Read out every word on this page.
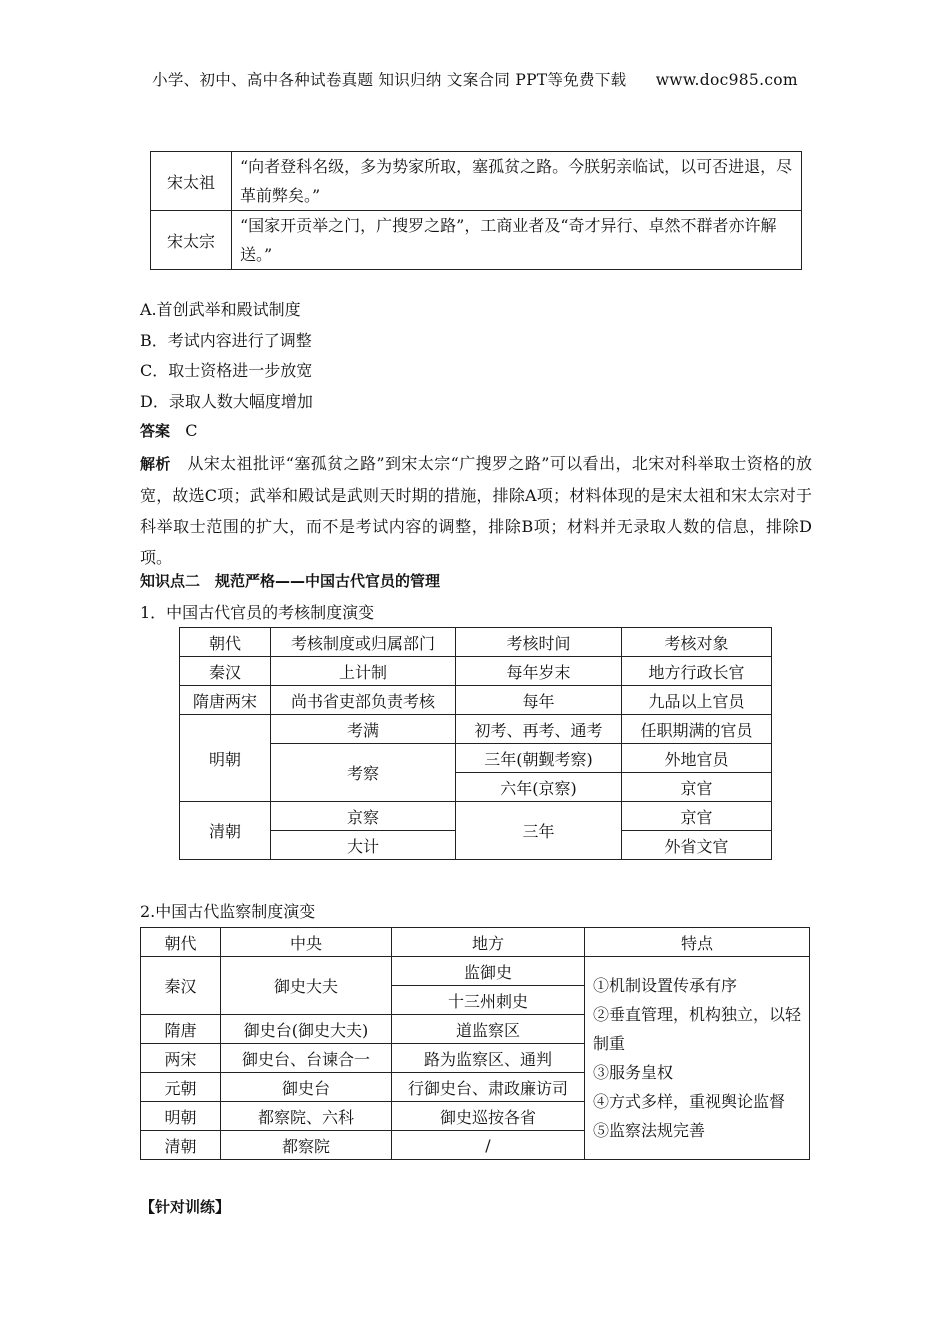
小学、初中、高中各种试卷真题 知识归纳 文案合同 PPT等免费下载 www.doc985.com
宋太祖	“向者登科名级，多为势家所取，塞孤贫之路。今朕躬亲临试，以可否进退，尽革前弊矣。”
宋太宗	“国家开贡举之门，广搜罗之路”，工商业者及“奇才异行、卓然不群者亦许解送。”
A.首创武举和殿试制度
B．考试内容进行了调整
C．取士资格进一步放宽
D．录取人数大幅度增加
答案 C
解析 从宋太祖批评“塞孤贫之路”到宋太宗“广搜罗之路”可以看出，北宋对科举取士资格的放宽，故选C项；武举和殿试是武则天时期的措施，排除A项；材料体现的是宋太祖和宋太宗对于科举取士范围的扩大，而不是考试内容的调整，排除B项；材料并无录取人数的信息，排除D项。
知识点二　规范严格——中国古代官员的管理
1．中国古代官员的考核制度演变
朝代	考核制度或归属部门	考核时间	考核对象
秦汉	上计制	每年岁末	地方行政长官
隋唐两宋	尚书省吏部负责考核	每年	九品以上官员
明朝	考满	初考、再考、通考	任职期满的官员
	考察	三年(朝觐考察)	外地官员
		六年(京察)	京官
清朝	京察	三年	京官
	大计		外省文官
2.中国古代监察制度演变
朝代	中央	地方	特点
秦汉	御史大夫	监御史	①机制设置传承有序
②垂直管理，机构独立，以轻制重
③服务皇权
④方式多样，重视舆论监督
⑤监察法规完善

		十三州刺史	
隋唐	御史台(御史大夫)	道监察区	
两宋	御史台、台谏合一	路为监察区、通判	
元朝	御史台	行御史台、肃政廉访司	
明朝	都察院、六科	御史巡按各省	
清朝	都察院	/	
【针对训练】
